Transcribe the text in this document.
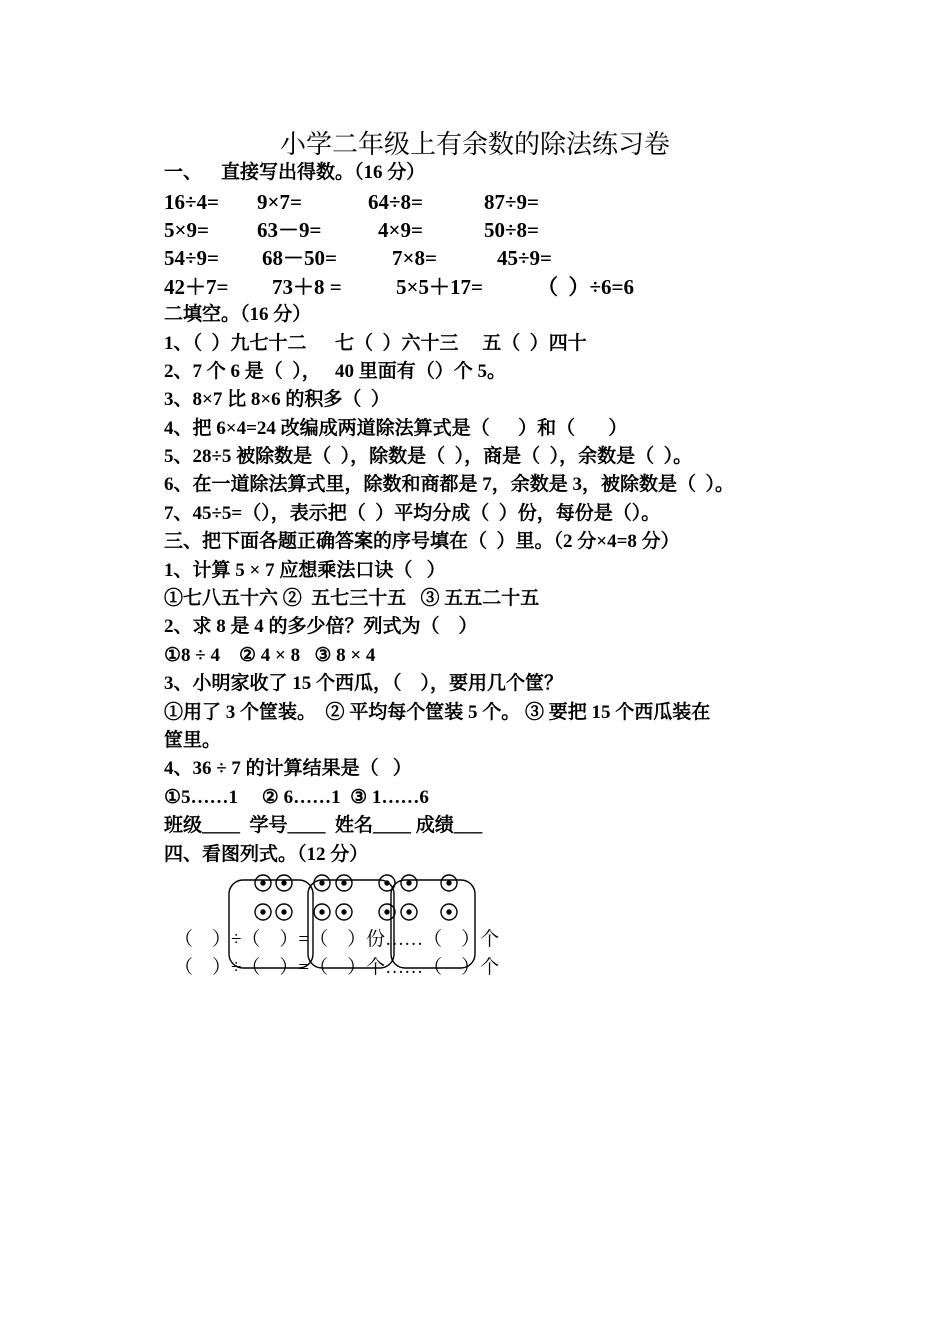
小学二年级上有余数的除法练习卷
一、    直接写出得数。（16 分）
16÷4= 9×7=	64÷8=	87÷9=
5×9= 63－9=	4×9=	50÷8=
54÷9= 68－50=	7×8=	45÷9=
42＋7= 73＋8 =	5×5＋17=	（  ）÷6=6
二填空。（16 分）
1、（  ）九七十二      七（  ）六十三     五（  ）四十
2、7 个 6 是（  ），   40 里面有（）个 5。
3、8×7 比 8×6 的积多（  ）
4、把 6×4=24 改编成两道除法算式是（      ）和（       ）
5、28÷5 被除数是（  ），除数是（  ），商是（  ），余数是（  ）。
6、在一道除法算式里，除数和商都是 7，余数是 3，被除数是（  ）。
7、45÷5=（），表示把（  ）平均分成（  ）份，每份是（）。
三、把下面各题正确答案的序号填在（  ）里。（2 分×4=8 分）
1、计算 5 × 7 应想乘法口诀（   ）
①七八五十六 ②  五七三十五   ③ 五五二十五
2、求 8 是 4 的多少倍？列式为（    ）
①8 ÷ 4    ② 4 × 8   ③ 8 × 4
3、小明家收了 15 个西瓜，（    ），要用几个筐？
①用了 3 个筐装。  ② 平均每个筐装 5 个。 ③ 要把 15 个西瓜装在
筐里。
4、36 ÷ 7 的计算结果是（   ）
①5……1     ② 6……1  ③ 1……6
班级____  学号____  姓名____ 成绩___
四、看图列式。（12 分）
（    ）÷（    ）=（    ）份……（    ）个
（    ）÷（    ）=（    ）个……（    ）个
